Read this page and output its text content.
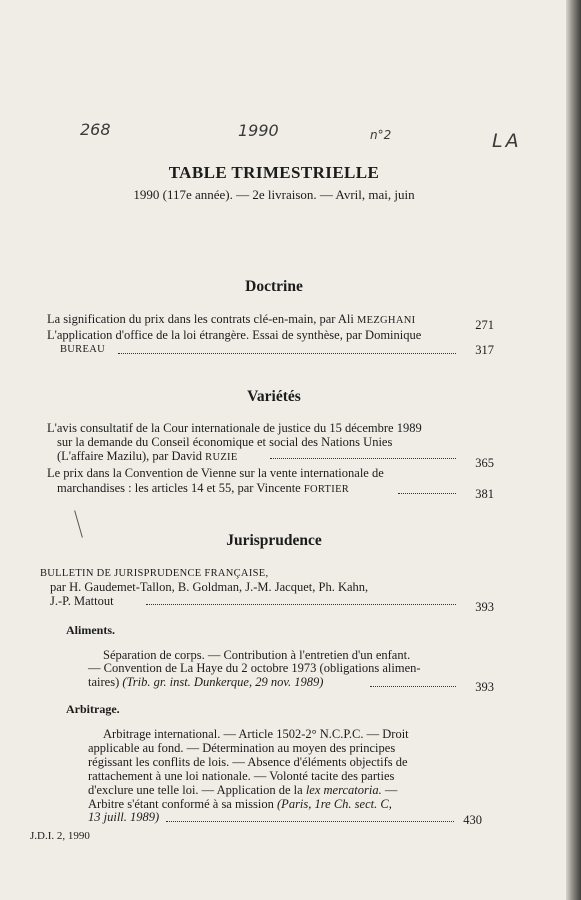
268	1990	n°2	LA
TABLE TRIMESTRIELLE
1990 (117e année). — 2e livraison. — Avril, mai, juin
Doctrine
La signification du prix dans les contrats clé-en-main, par Ali MEZGHANI	271
L'application d'office de la loi étrangère. Essai de synthèse, par Dominique
BUREAU	317
Variétés
L'avis consultatif de la Cour internationale de justice du 15 décembre 1989
sur la demande du Conseil économique et social des Nations Unies
(L'affaire Mazilu), par David RUZIE	365
Le prix dans la Convention de Vienne sur la vente internationale de
marchandises : les articles 14 et 55, par Vincente FORTIER	381
Jurisprudence
BULLETIN DE JURISPRUDENCE FRANÇAISE,
par H. Gaudemet-Tallon, B. Goldman, J.-M. Jacquet, Ph. Kahn,
J.-P. Mattout	393
Aliments.
Séparation de corps. — Contribution à l'entretien d'un enfant.
— Convention de La Haye du 2 octobre 1973 (obligations alimen-
taires) (Trib. gr. inst. Dunkerque, 29 nov. 1989)	393
Arbitrage.
Arbitrage international. — Article 1502-2° N.C.P.C. — Droit
applicable au fond. — Détermination au moyen des principes
régissant les conflits de lois. — Absence d'éléments objectifs de
rattachement à une loi nationale. — Volonté tacite des parties
d'exclure une telle loi. — Application de la lex mercatoria. —
Arbitre s'étant conformé à sa mission (Paris, 1re Ch. sect. C,
13 juill. 1989)	430
J.D.I. 2, 1990
